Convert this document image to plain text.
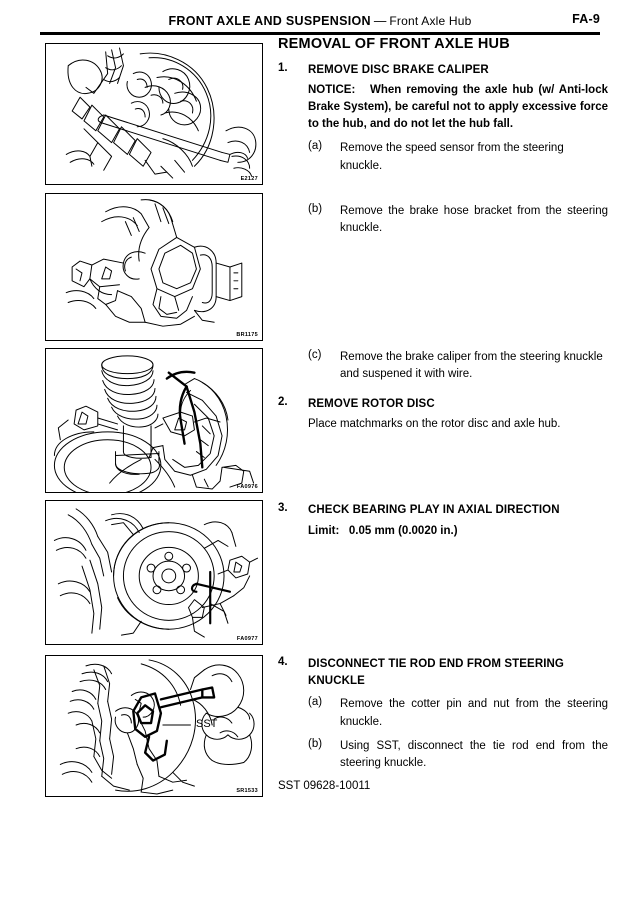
FRONT AXLE AND SUSPENSION — Front Axle Hub	FA-9
E2127
BR1175
FA0976
FA0977
SST
SR1533
REMOVAL OF FRONT AXLE HUB
1. REMOVE DISC BRAKE CALIPER
NOTICE: When removing the axle hub (w/ Anti-lock Brake System), be careful not to apply excessive force to the hub, and do not let the hub fall.
(a) Remove the speed sensor from the steering knuckle.
(b) Remove the brake hose bracket from the steering knuckle.
(c) Remove the brake caliper from the steering knuckle and suspened it with wire.
2. REMOVE ROTOR DISC
Place matchmarks on the rotor disc and axle hub.
3. CHECK BEARING PLAY IN AXIAL DIRECTION
Limit:   0.05 mm (0.0020 in.)
4. DISCONNECT TIE ROD END FROM STEERING KNUCKLE
(a) Remove the cotter pin and nut from the steering knuckle.
(b) Using SST, disconnect the tie rod end from the steering knuckle.
SST 09628-10011
